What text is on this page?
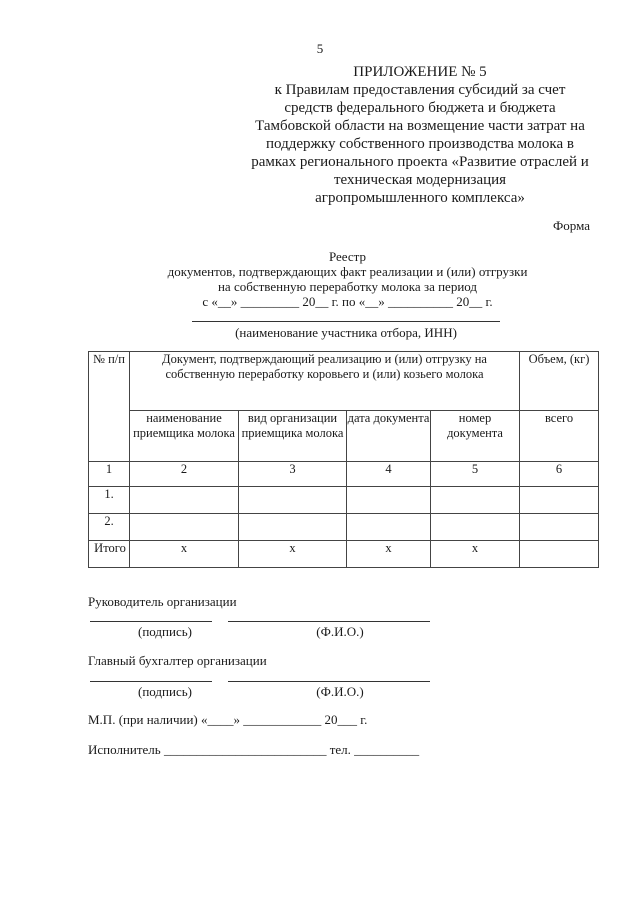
5
ПРИЛОЖЕНИЕ № 5
к Правилам предоставления субсидий за счет
средств федерального бюджета и бюджета
Тамбовской области на возмещение части затрат на
поддержку собственного производства молока в
рамках регионального проекта «Развитие отраслей и
техническая модернизация
агропромышленного комплекса»
Форма
Реестр
документов, подтверждающих факт реализации и (или) отгрузки
на собственную переработку молока за период
с «__» _________ 20__ г. по «__» __________ 20__ г.
(наименование участника отбора, ИНН)
№ п/п	Документ, подтверждающий реализацию и (или) отгрузку на собственную переработку коровьего и (или) козьего молока				Объем, (кг)
	наименование приемщика молока	вид организации приемщика молока	дата документа	номер документа	всего
1	2	3	4	5	6
1.					
2.					
Итого	x	x	x	x	
Руководитель организации
(подпись)	(Ф.И.О.)
Главный бухгалтер организации
(подпись)	(Ф.И.О.)
М.П. (при наличии) «____» ____________ 20___ г.
Исполнитель _________________________ тел. __________
